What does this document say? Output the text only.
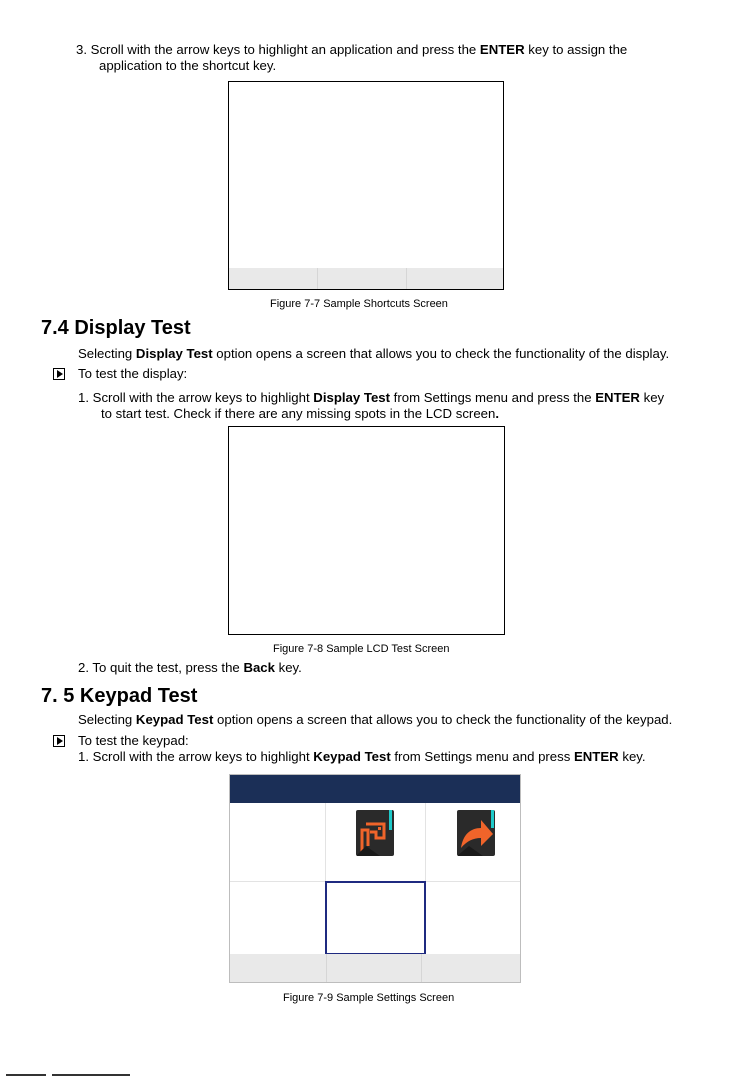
3. Scroll with the arrow keys to highlight an application and press the ENTER key to assign the
application to the shortcut key.
Figure 7-7 Sample Shortcuts Screen
7.4 Display Test
Selecting Display Test option opens a screen that allows you to check the functionality of the display.
To test the display:
1. Scroll with the arrow keys to highlight Display Test from Settings menu and press the ENTER key
to start test. Check if there are any missing spots in the LCD screen.
Figure 7-8 Sample LCD Test Screen
2. To quit the test, press the Back key.
7. 5 Keypad Test
Selecting Keypad Test option opens a screen that allows you to check the functionality of the keypad.
To test the keypad:
1. Scroll with the arrow keys to highlight Keypad Test from Settings menu and press ENTER key.
Figure 7-9 Sample Settings Screen
